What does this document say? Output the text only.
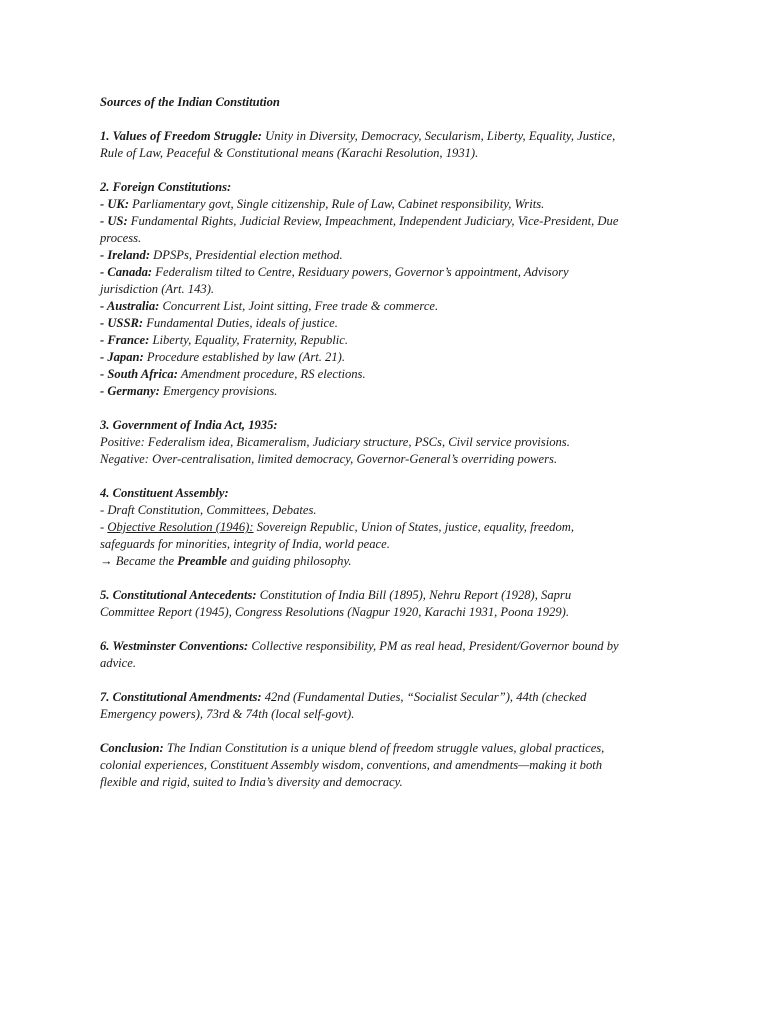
Sources of the Indian Constitution
1. Values of Freedom Struggle: Unity in Diversity, Democracy, Secularism, Liberty, Equality, Justice,
Rule of Law, Peaceful & Constitutional means (Karachi Resolution, 1931).
2. Foreign Constitutions:
- UK: Parliamentary govt, Single citizenship, Rule of Law, Cabinet responsibility, Writs.
- US: Fundamental Rights, Judicial Review, Impeachment, Independent Judiciary, Vice-President, Due
process.
- Ireland: DPSPs, Presidential election method.
- Canada: Federalism tilted to Centre, Residuary powers, Governor’s appointment, Advisory
jurisdiction (Art. 143).
- Australia: Concurrent List, Joint sitting, Free trade & commerce.
- USSR: Fundamental Duties, ideals of justice.
- France: Liberty, Equality, Fraternity, Republic.
- Japan: Procedure established by law (Art. 21).
- South Africa: Amendment procedure, RS elections.
- Germany: Emergency provisions.
3. Government of India Act, 1935:
Positive: Federalism idea, Bicameralism, Judiciary structure, PSCs, Civil service provisions.
Negative: Over-centralisation, limited democracy, Governor-General’s overriding powers.
4. Constituent Assembly:
- Draft Constitution, Committees, Debates.
- Objective Resolution (1946): Sovereign Republic, Union of States, justice, equality, freedom,
safeguards for minorities, integrity of India, world peace.
→ Became the Preamble and guiding philosophy.
5. Constitutional Antecedents: Constitution of India Bill (1895), Nehru Report (1928), Sapru
Committee Report (1945), Congress Resolutions (Nagpur 1920, Karachi 1931, Poona 1929).
6. Westminster Conventions: Collective responsibility, PM as real head, President/Governor bound by
advice.
7. Constitutional Amendments: 42nd (Fundamental Duties, “Socialist Secular”), 44th (checked
Emergency powers), 73rd & 74th (local self-govt).
Conclusion: The Indian Constitution is a unique blend of freedom struggle values, global practices,
colonial experiences, Constituent Assembly wisdom, conventions, and amendments—making it both
flexible and rigid, suited to India’s diversity and democracy.
